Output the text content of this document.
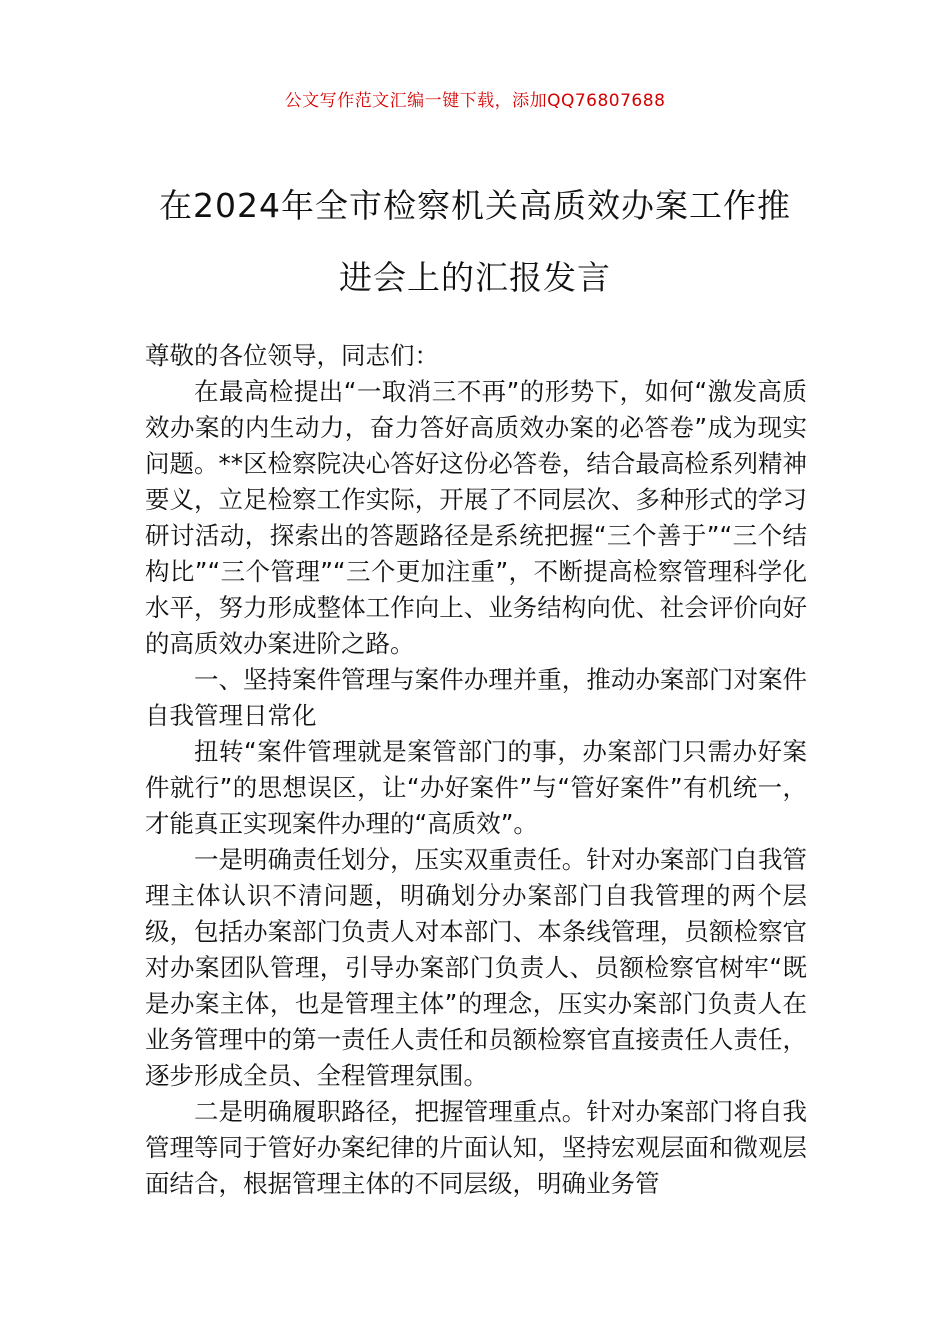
公文写作范文汇编一键下载，添加QQ76807688
在2024年全市检察机关高质效办案工作推
进会上的汇报发言

尊敬的各位领导，同志们：

在最高检提出“一取消三不再”的形势下，如何“激发高质效办案的内生动力，奋力答好高质效办案的必答卷”成为现实问题。**区检察院决心答好这份必答卷，结合最高检系列精神要义，立足检察工作实际，开展了不同层次、多种形式的学习研讨活动，探索出的答题路径是系统把握“三个善于”“三个结构比”“三个管理”“三个更加注重”，不断提高检察管理科学化水平，努力形成整体工作向上、业务结构向优、社会评价向好的高质效办案进阶之路。

一、坚持案件管理与案件办理并重，推动办案部门对案件自我管理日常化

扭转“案件管理就是案管部门的事，办案部门只需办好案件就行”的思想误区，让“办好案件”与“管好案件”有机统一，才能真正实现案件办理的“高质效”。

一是明确责任划分，压实双重责任。针对办案部门自我管理主体认识不清问题，明确划分办案部门自我管理的两个层级，包括办案部门负责人对本部门、本条线管理，员额检察官对办案团队管理，引导办案部门负责人、员额检察官树牢“既是办案主体，也是管理主体”的理念，压实办案部门负责人在业务管理中的第一责任人责任和员额检察官直接责任人责任，逐步形成全员、全程管理氛围。

二是明确履职路径，把握管理重点。针对办案部门将自我管理等同于管好办案纪律的片面认知，坚持宏观层面和微观层面结合，根据管理主体的不同层级，明确业务管
